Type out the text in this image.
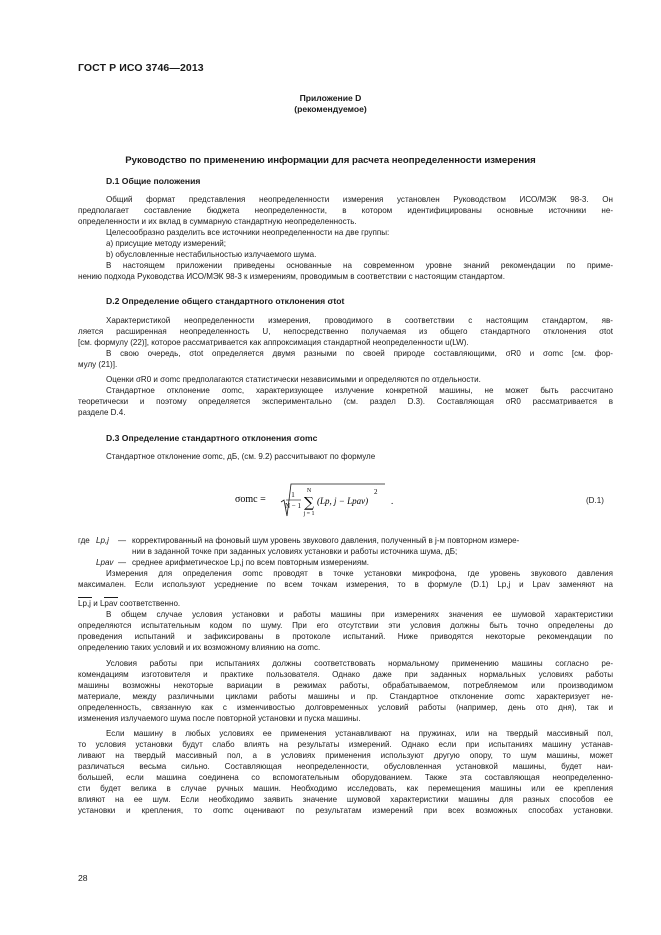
ГОСТ Р ИСО 3746—2013
Приложение D
(рекомендуемое)
Руководство по применению информации для расчета неопределенности измерения
D.1 Общие положения
Общий формат представления неопределенности измерения установлен Руководством ИСО/МЭК 98-3. Он
предполагает составление бюджета неопределенности, в котором идентифицированы основные источники не-
определенности и их вклад в суммарную стандартную неопределенность.
Целесообразно разделить все источники неопределенности на две группы:
а) присущие методу измерений;
b) обусловленные нестабильностью излучаемого шума.
В настоящем приложении приведены основанные на современном уровне знаний рекомендации по приме-
нению подхода Руководства ИСО/МЭК 98-3 к измерениям, проводимым в соответствии с настоящим стандартом.
D.2 Определение общего стандартного отклонения σtot
Характеристикой неопределенности измерения, проводимого в соответствии с настоящим стандартом, яв-
ляется расширенная неопределенность U, непосредственно получаемая из общего стандартного отклонения σtot
[см. формулу (22)], которое рассматривается как аппроксимация стандартной неопределенности u(LW).
В свою очередь, σtot определяется двумя разными по своей природе составляющими, σR0 и σomc [см. фор-
мулу (21)].
Оценки σR0 и σomc предполагаются статистически независимыми и определяются по отдельности.
Стандартное отклонение σomc, характеризующее излучение конкретной машины, не может быть рассчитано
теоретически и поэтому определяется экспериментально (см. раздел D.3). Составляющая σR0 рассматривается в
разделе D.4.
D.3 Определение стандартного отклонения σomc
Стандартное отклонение σomc, дБ, (см. 9.2) рассчитывают по формуле
σomc =	1
N − 1
N
∑
j = 1
(Lp, j − Lpav)
2
.	(D.1)
где Lp,j — корректированный на фоновый шум уровень звукового давления, полученный в j-м повторном измере-
нии в заданной точке при заданных условиях установки и работы источника шума, дБ;
Lpav — среднее арифметическое Lp,j по всем повторным измерениям.
Измерения для определения σomc проводят в точке установки микрофона, где уровень звукового давления
максимален. Если используют усреднение по всем точкам измерения, то в формуле (D.1) Lp,j и Lpav заменяют на
Lp,j и Lpav соответственно.
В общем случае условия установки и работы машины при измерениях значения ее шумовой характеристики
определяются испытательным кодом по шуму. При его отсутствии эти условия должны быть точно определены до
проведения испытаний и зафиксированы в протоколе испытаний. Ниже приводятся некоторые рекомендации по
определению таких условий и их возможному влиянию на σomc.
Условия работы при испытаниях должны соответствовать нормальному применению машины согласно ре-
комендациям изготовителя и практике пользователя. Однако даже при заданных нормальных условиях работы
машины возможны некоторые вариации в режимах работы, обрабатываемом, потребляемом или производимом
материале, между различными циклами работы машины и пр. Стандартное отклонение σomc характеризует не-
определенность, связанную как с изменчивостью долговременных условий работы (например, день ото дня), так и
изменения излучаемого шума после повторной установки и пуска машины.
Если машину в любых условиях ее применения устанавливают на пружинах, или на твердый массивный пол,
то условия установки будут слабо влиять на результаты измерений. Однако если при испытаниях машину устанав-
ливают на твердый массивный пол, а в условиях применения используют другую опору, то шум машины, может
различаться весьма сильно. Составляющая неопределенности, обусловленная установкой машины, будет наи-
большей, если машина соединена со вспомогательным оборудованием. Также эта составляющая неопределенно-
сти будет велика в случае ручных машин. Необходимо исследовать, как перемещения машины или ее крепления
влияют на ее шум. Если необходимо заявить значение шумовой характеристики машины для разных способов ее
установки и крепления, то σomc оценивают по результатам измерений при всех возможных способах установки.
28
